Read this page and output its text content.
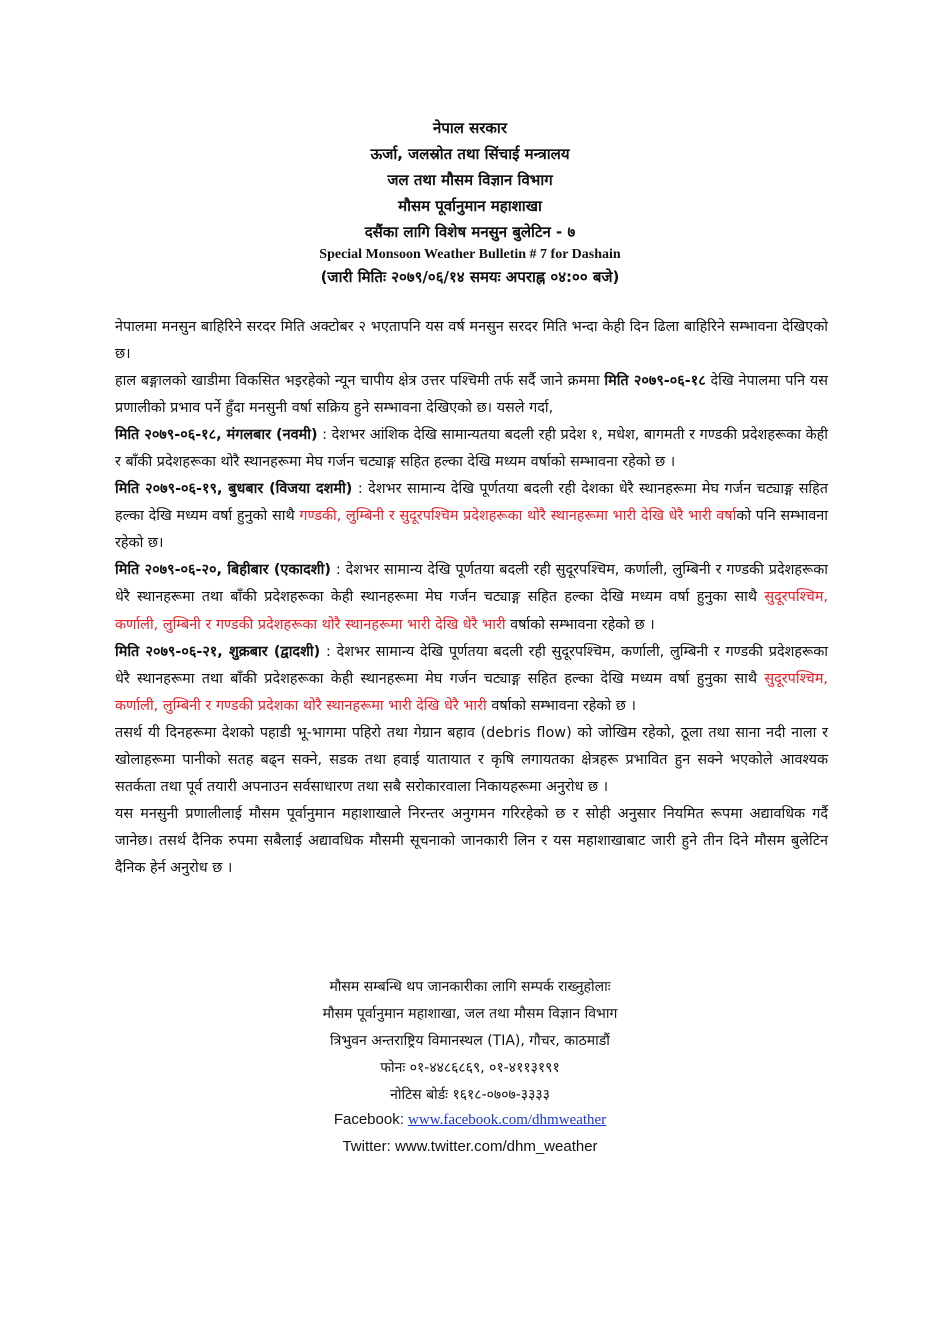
नेपाल सरकार
ऊर्जा, जलस्रोत तथा सिंचाई मन्त्रालय
जल तथा मौसम विज्ञान विभाग
मौसम पूर्वानुमान महाशाखा
दसैंका लागि विशेष मनसुन बुलेटिन - ७
Special Monsoon Weather Bulletin # 7 for Dashain
(जारी मितिः २०७९/०६/१४ समयः अपराह्न ०४:०० बजे)

नेपालमा मनसुन बाहिरिने सरदर मिति अक्टोबर २ भएतापनि यस वर्ष मनसुन सरदर मिति भन्दा केही दिन ढिला बाहिरिने सम्भावना देखिएको छ।

हाल बङ्गालको खाडीमा विकसित भइरहेको न्यून चापीय क्षेत्र उत्तर पश्चिमी तर्फ सर्दै जाने क्रममा मिति २०७९-०६-१८ देखि नेपालमा पनि यस प्रणालीको प्रभाव पर्ने हुँदा मनसुनी वर्षा सक्रिय हुने सम्भावना देखिएको छ। यसले गर्दा,

मिति २०७९-०६-१८, मंगलबार (नवमी) : देशभर आंशिक देखि सामान्यतया बदली रही प्रदेश १, मधेश, बागमती र गण्डकी प्रदेशहरूका केही र बाँकी प्रदेशहरूका थोरै स्थानहरूमा मेघ गर्जन चट्याङ्ग सहित हल्का देखि मध्यम वर्षाको सम्भावना रहेको छ ।

मिति २०७९-०६-१९, बुधबार (विजया दशमी) : देशभर सामान्य देखि पूर्णतया बदली रही देशका धेरै स्थानहरूमा मेघ गर्जन चट्याङ्ग सहित हल्का देखि मध्यम वर्षा हुनुको साथै गण्डकी, लुम्बिनी र सुदूरपश्चिम प्रदेशहरूका थोरै स्थानहरूमा भारी देखि धेरै भारी वर्षाको पनि सम्भावना रहेको छ।

मिति २०७९-०६-२०, बिहीबार (एकादशी) : देशभर सामान्य देखि पूर्णतया बदली रही सुदूरपश्चिम, कर्णाली, लुम्बिनी र गण्डकी प्रदेशहरूका धेरै स्थानहरूमा तथा बाँकी प्रदेशहरूका केही स्थानहरूमा मेघ गर्जन चट्याङ्ग सहित हल्का देखि मध्यम वर्षा हुनुका साथै सुदूरपश्चिम, कर्णाली, लुम्बिनी र गण्डकी प्रदेशहरूका थोरै स्थानहरूमा भारी देखि धेरै भारी वर्षाको सम्भावना रहेको छ ।

मिति २०७९-०६-२१, शुक्रबार (द्वादशी) : देशभर सामान्य देखि पूर्णतया बदली रही सुदूरपश्चिम, कर्णाली, लुम्बिनी र गण्डकी प्रदेशहरूका धेरै स्थानहरूमा तथा बाँकी प्रदेशहरूका केही स्थानहरूमा मेघ गर्जन चट्याङ्ग सहित हल्का देखि मध्यम वर्षा हुनुका साथै सुदूरपश्चिम, कर्णाली, लुम्बिनी र गण्डकी प्रदेशका थोरै स्थानहरूमा भारी देखि धेरै भारी वर्षाको सम्भावना रहेको छ ।

तसर्थ यी दिनहरूमा देशको पहाडी भू-भागमा पहिरो तथा गेग्रान बहाव (debris flow) को जोखिम रहेको, ठूला तथा साना नदी नाला र खोलाहरूमा पानीको सतह बढ्न सक्ने, सडक तथा हवाई यातायात र कृषि लगायतका क्षेत्रहरू प्रभावित हुन सक्ने भएकोले आवश्यक सतर्कता तथा पूर्व तयारी अपनाउन सर्वसाधारण तथा सबै सरोकारवाला निकायहरूमा अनुरोध छ ।

यस मनसुनी प्रणालीलाई मौसम पूर्वानुमान महाशाखाले निरन्तर अनुगमन गरिरहेको छ र सोही अनुसार नियमित रूपमा अद्यावधिक गर्दै जानेछ। तसर्थ दैनिक रुपमा सबैलाई अद्यावधिक मौसमी सूचनाको जानकारी लिन र यस महाशाखाबाट जारी हुने तीन दिने मौसम बुलेटिन दैनिक हेर्न अनुरोध छ ।

मौसम सम्बन्धि थप जानकारीका लागि सम्पर्क राख्नुहोलाः
मौसम पूर्वानुमान महाशाखा, जल तथा मौसम विज्ञान विभाग
त्रिभुवन अन्तराष्ट्रिय विमानस्थल (TIA), गौचर, काठमाडौं
फोनः ०१-४४८६८६९, ०१-४११३१९१
नोटिस बोर्डः १६१८-०७०७-३३३३
Facebook: www.facebook.com/dhmweather
Twitter: www.twitter.com/dhm_weather
